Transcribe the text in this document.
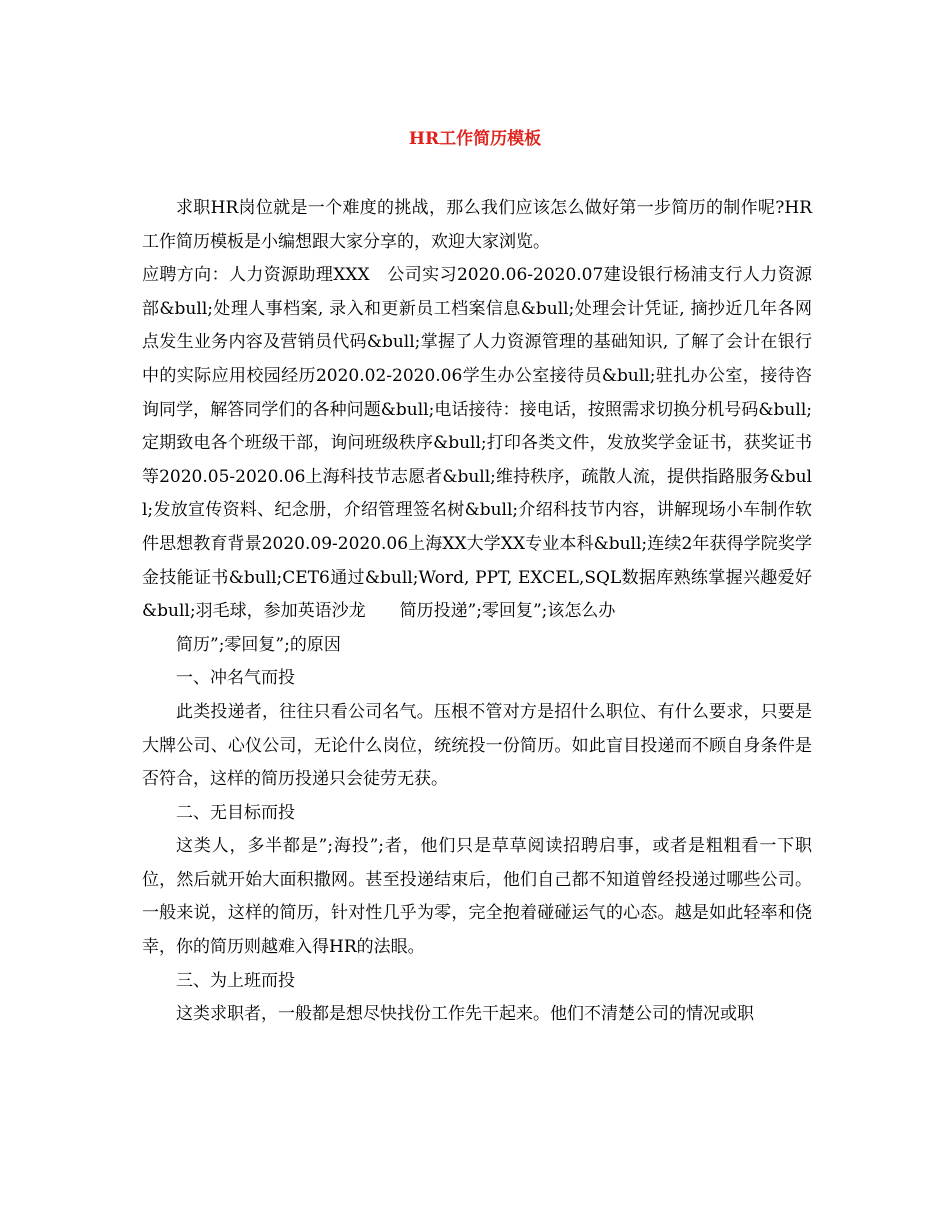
HR工作简历模板

求职HR岗位就是一个难度的挑战，那么我们应该怎么做好第一步简历的制作呢?HR工作简历模板是小编想跟大家分享的，欢迎大家浏览。

应聘方向：人力资源助理XXX　公司实习2020.06-2020.07建设银行杨浦支行人力资源部&bull;处理人事档案, 录入和更新员工档案信息&bull;处理会计凭证, 摘抄近几年各网点发生业务内容及营销员代码&bull;掌握了人力资源管理的基础知识, 了解了会计在银行中的实际应用校园经历2020.02-2020.06学生办公室接待员&bull;驻扎办公室，接待咨询同学，解答同学们的各种问题&bull;电话接待：接电话，按照需求切换分机号码&bull;定期致电各个班级干部，询问班级秩序&bull;打印各类文件，发放奖学金证书，获奖证书等2020.05-2020.06上海科技节志愿者&bull;维持秩序，疏散人流，提供指路服务&bull;发放宣传资料、纪念册，介绍管理签名树&bull;介绍科技节内容，讲解现场小车制作软件思想教育背景2020.09-2020.06上海XX大学XX专业本科&bull;连续2年获得学院奖学金技能证书&bull;CET6通过&bull;Word, PPT, EXCEL,SQL数据库熟练掌握兴趣爱好&bull;羽毛球，参加英语沙龙　　简历投递”;零回复”;该怎么办

简历”;零回复”;的原因

一、冲名气而投

此类投递者，往往只看公司名气。压根不管对方是招什么职位、有什么要求，只要是大牌公司、心仪公司，无论什么岗位，统统投一份简历。如此盲目投递而不顾自身条件是否符合，这样的简历投递只会徒劳无获。

二、无目标而投

这类人，多半都是”;海投”;者，他们只是草草阅读招聘启事，或者是粗粗看一下职位，然后就开始大面积撒网。甚至投递结束后，他们自己都不知道曾经投递过哪些公司。一般来说，这样的简历，针对性几乎为零，完全抱着碰碰运气的心态。越是如此轻率和侥幸，你的简历则越难入得HR的法眼。

三、为上班而投

这类求职者，一般都是想尽快找份工作先干起来。他们不清楚公司的情况或职
